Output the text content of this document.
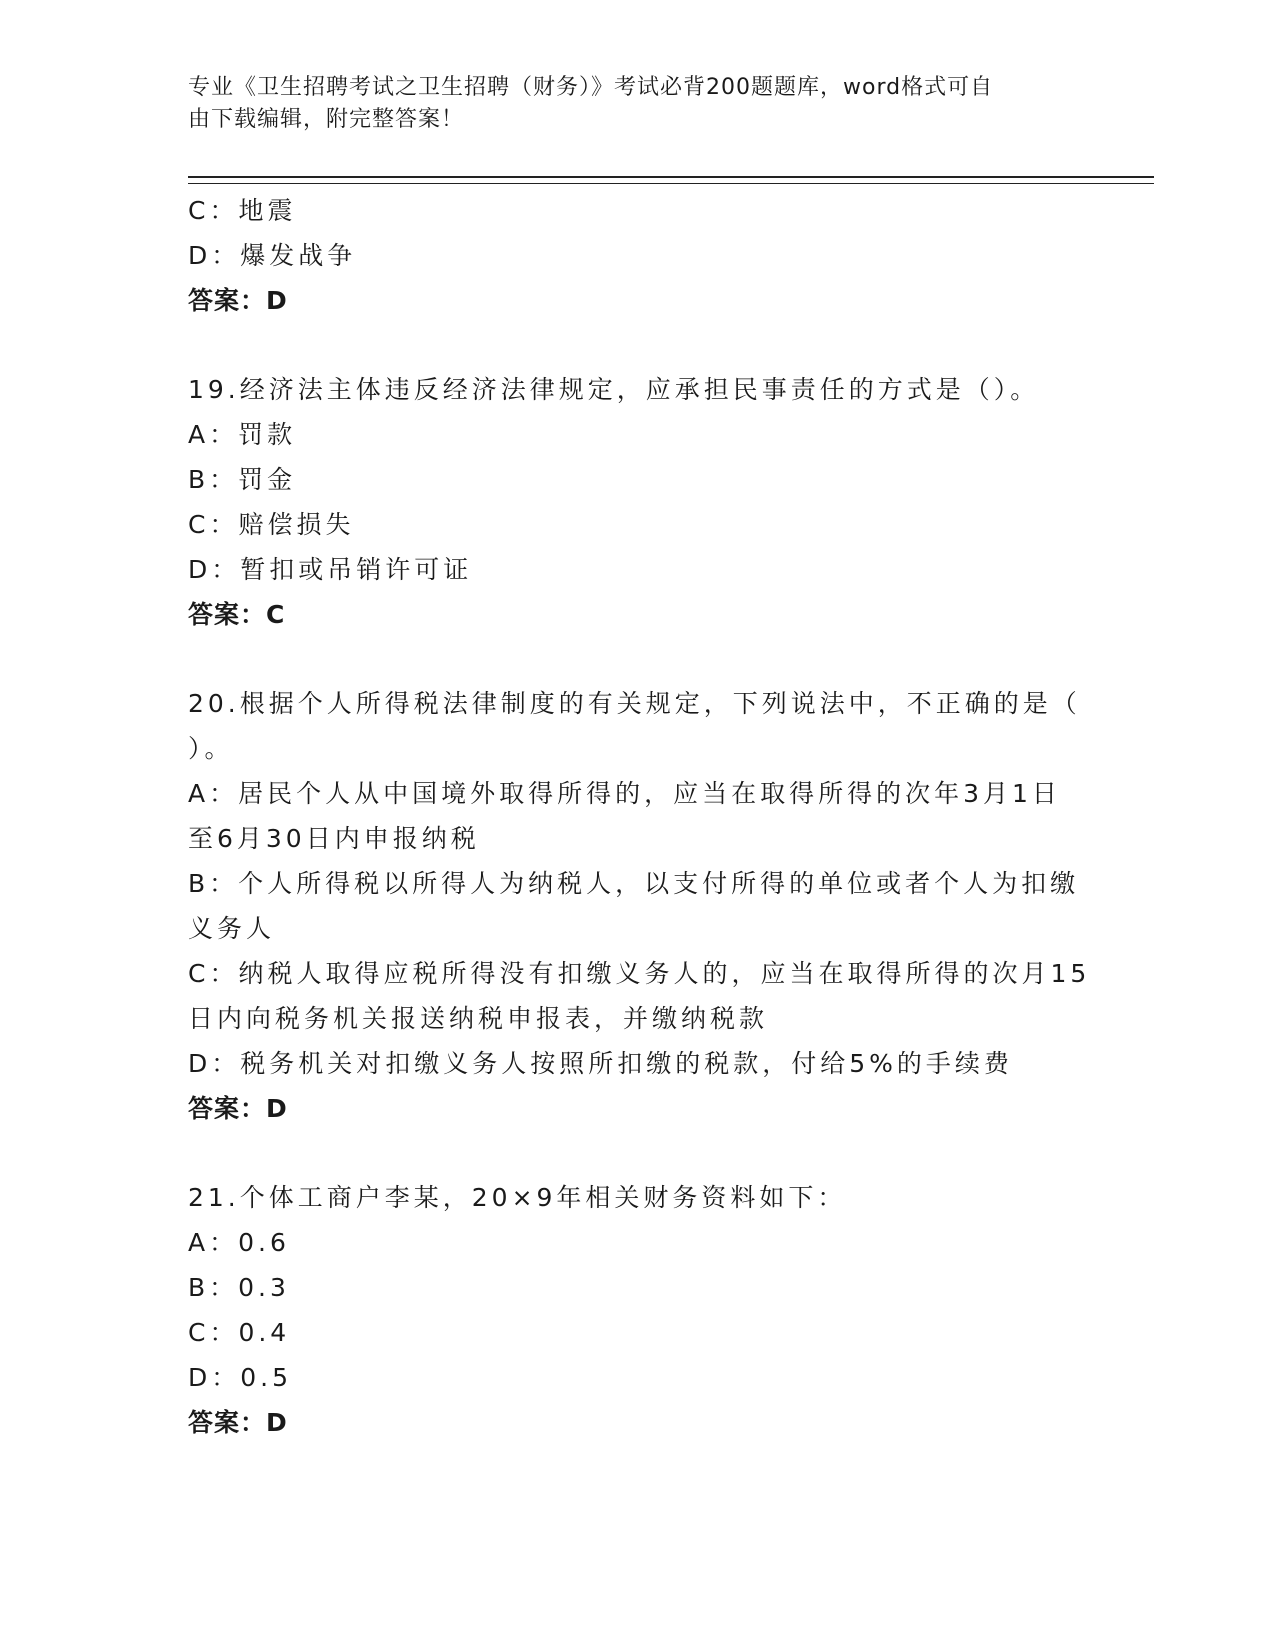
专业《卫生招聘考试之卫生招聘（财务）》考试必背200题题库，word格式可自
由下载编辑，附完整答案！
C：地震
D：爆发战争
答案：D
19.经济法主体违反经济法律规定，应承担民事责任的方式是（）。
A：罚款
B：罚金
C：赔偿损失
D：暂扣或吊销许可证
答案：C
20.根据个人所得税法律制度的有关规定，下列说法中，不正确的是（
）。
A：居民个人从中国境外取得所得的，应当在取得所得的次年3月1日
至6月30日内申报纳税
B：个人所得税以所得人为纳税人，以支付所得的单位或者个人为扣缴
义务人
C：纳税人取得应税所得没有扣缴义务人的，应当在取得所得的次月15
日内向税务机关报送纳税申报表，并缴纳税款
D：税务机关对扣缴义务人按照所扣缴的税款，付给5%的手续费
答案：D
21.个体工商户李某，20×9年相关财务资料如下：
A：0.6
B：0.3
C：0.4
D：0.5
答案：D
